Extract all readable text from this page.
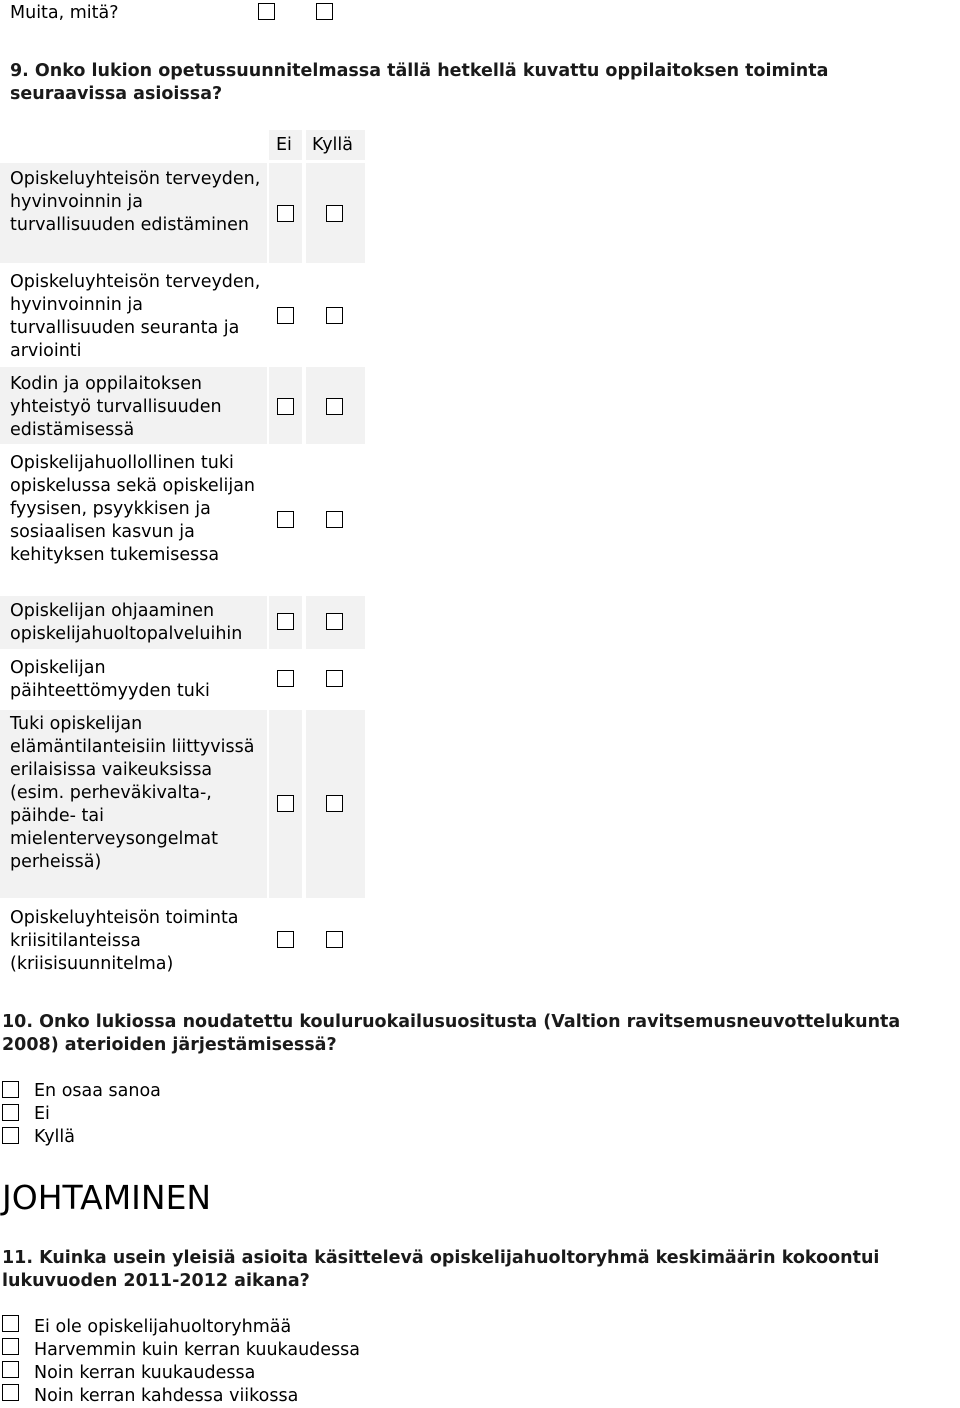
Muita, mitä?
9. Onko lukion opetussuunnitelmassa tällä hetkellä kuvattu oppilaitoksen toiminta seuraavissa asioissa?
Ei Kyllä
Opiskeluyhteisön terveyden, hyvinvoinnin ja turvallisuuden edistäminen
Opiskeluyhteisön terveyden, hyvinvoinnin ja turvallisuuden seuranta ja arviointi
Kodin ja oppilaitoksen yhteistyö turvallisuuden edistämisessä
Opiskelijahuollollinen tuki opiskelussa sekä opiskelijan fyysisen, psyykkisen ja sosiaalisen kasvun ja kehityksen tukemisessa
Opiskelijan ohjaaminen opiskelijahuoltopalveluihin
Opiskelijan päihteettömyyden tuki
Tuki opiskelijan elämäntilanteisiin liittyvissä erilaisissa vaikeuksissa (esim. perheväkivalta-, päihde- tai mielenterveysongelmat perheissä)
Opiskeluyhteisön toiminta kriisitilanteissa (kriisisuunnitelma)
10. Onko lukiossa noudatettu kouluruokailusuositusta (Valtion ravitsemusneuvottelukunta 2008) aterioiden järjestämisessä?
En osaa sanoa
Ei
Kyllä
JOHTAMINEN
11. Kuinka usein yleisiä asioita käsittelevä opiskelijahuoltoryhmä keskimäärin kokoontui lukuvuoden 2011-2012 aikana?
Ei ole opiskelijahuoltoryhmää
Harvemmin kuin kerran kuukaudessa
Noin kerran kuukaudessa
Noin kerran kahdessa viikossa
